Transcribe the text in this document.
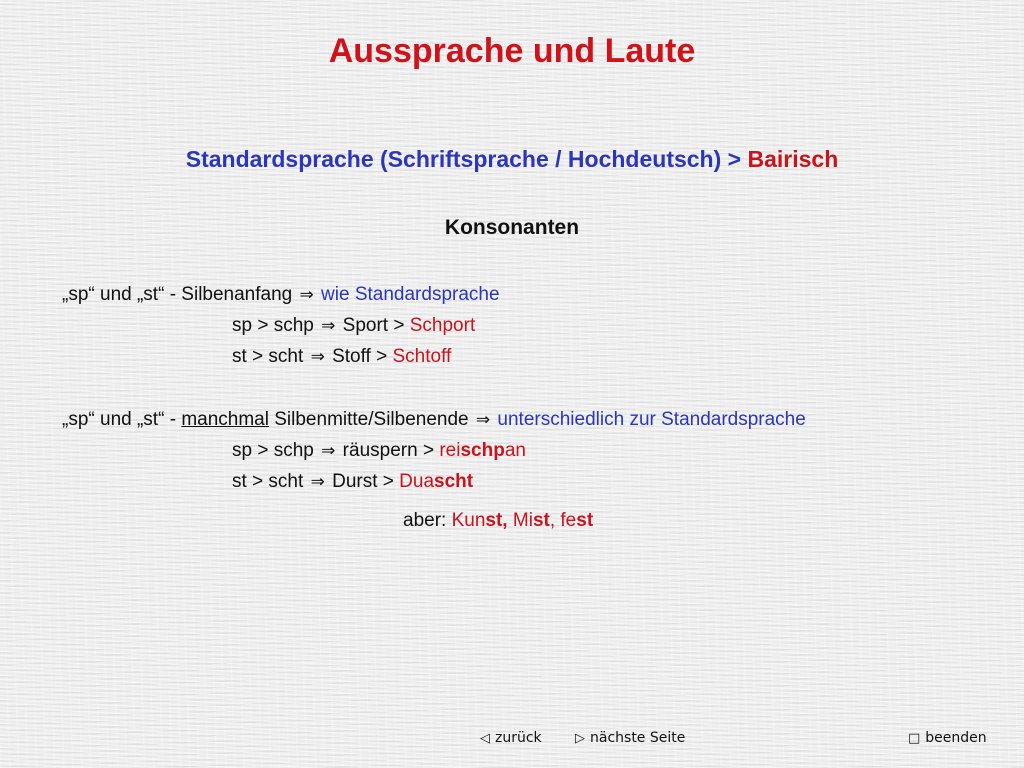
Aussprache und Laute
Standardsprache (Schriftsprache / Hochdeutsch) > Bairisch
Konsonanten
„sp“ und „st“ - Silbenanfang ⇒ wie Standardsprache
sp > schp ⇒ Sport > Schport
st > scht ⇒ Stoff > Schtoff
„sp“ und „st“ - manchmal Silbenmitte/Silbenende ⇒ unterschiedlich zur Standardsprache
sp > schp ⇒ räuspern > reischpan
st > scht ⇒ Durst > Duascht
aber: Kunst, Mist, fest
◁ zurück	▷ nächste Seite	□ beenden
